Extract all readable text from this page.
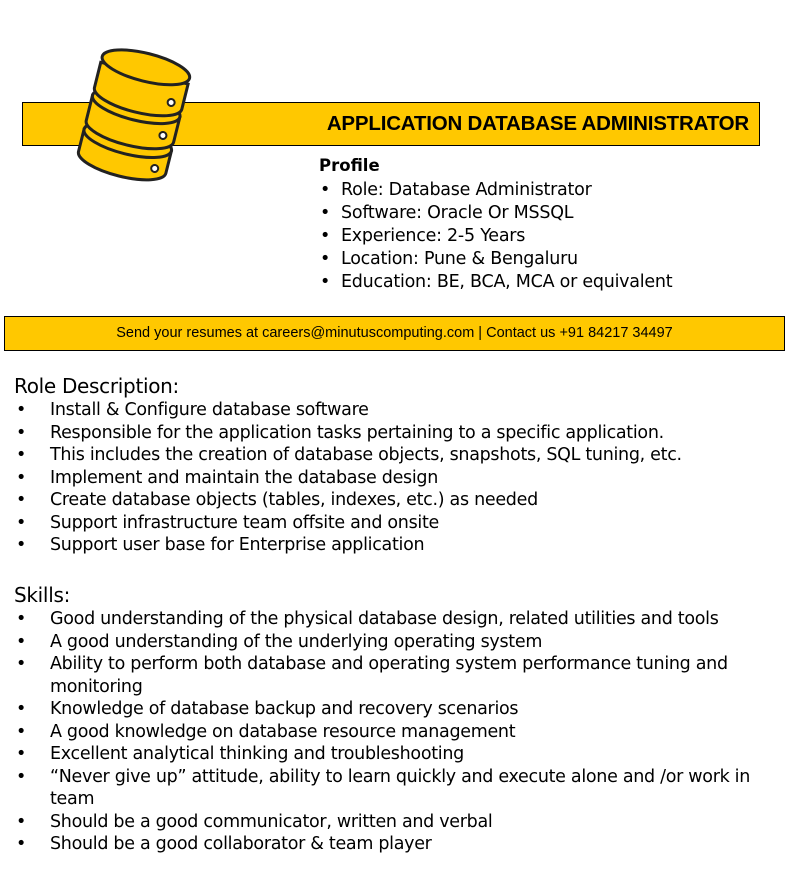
APPLICATION DATABASE ADMINISTRATOR
Profile
• Role: Database Administrator
• Software: Oracle Or MSSQL
• Experience: 2-5 Years
• Location: Pune & Bengaluru
• Education: BE, BCA, MCA or equivalent
Send your resumes at careers@minutuscomputing.com | Contact us +91 84217 34497
Role Description:
• Install & Configure database software
• Responsible for the application tasks pertaining to a specific application.
• This includes the creation of database objects, snapshots, SQL tuning, etc.
• Implement and maintain the database design
• Create database objects (tables, indexes, etc.) as needed
• Support infrastructure team offsite and onsite
• Support user base for Enterprise application
Skills:
• Good understanding of the physical database design, related utilities and tools
• A good understanding of the underlying operating system
• Ability to perform both database and operating system performance tuning and monitoring
• Knowledge of database backup and recovery scenarios
• A good knowledge on database resource management
• Excellent analytical thinking and troubleshooting
• “Never give up” attitude, ability to learn quickly and execute alone and /or work in team
• Should be a good communicator, written and verbal
• Should be a good collaborator & team player
